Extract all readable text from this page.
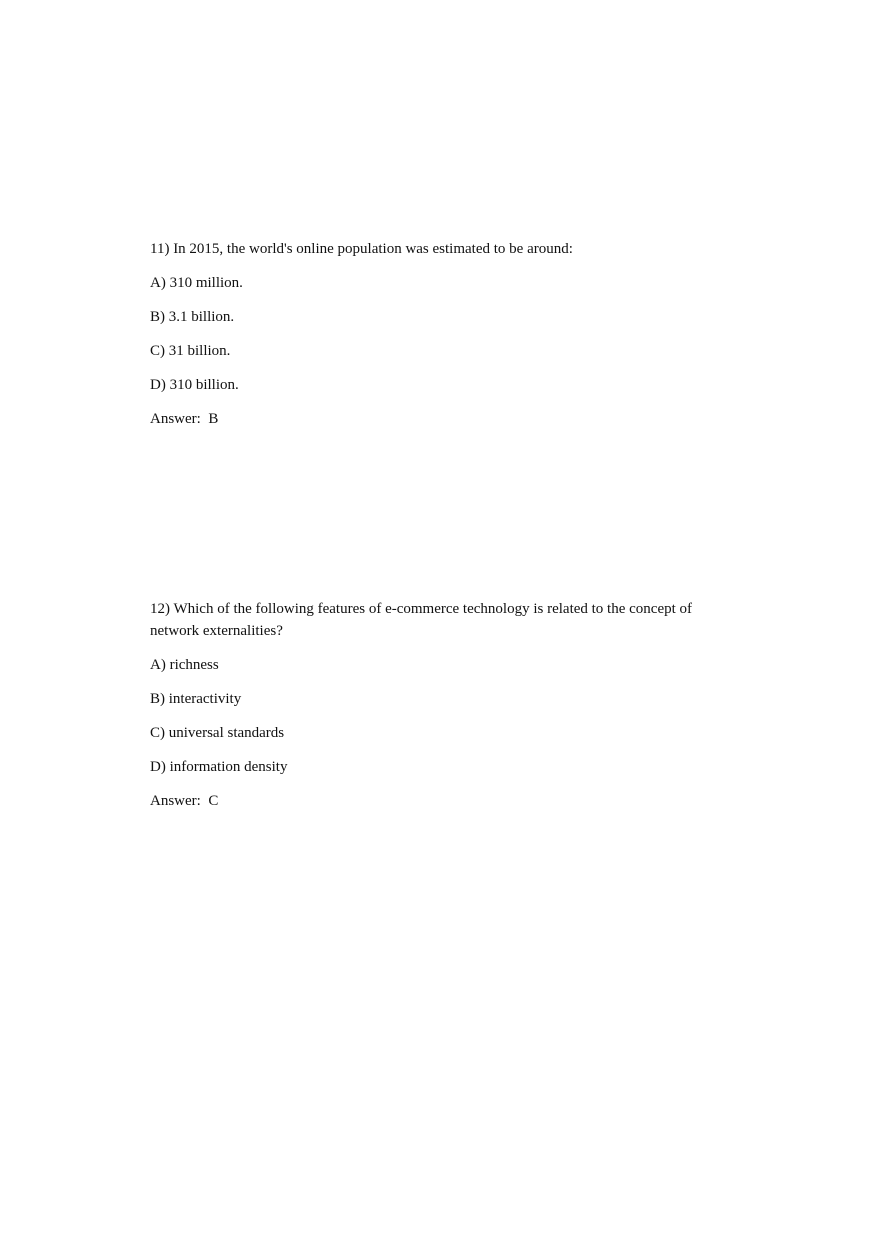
11) In 2015, the world's online population was estimated to be around:

A) 310 million.
B) 3.1 billion.
C) 31 billion.
D) 310 billion.

Answer:  B

12) Which of the following features of e-commerce technology is related to the concept of network externalities?

A) richness
B) interactivity
C) universal standards
D) information density

Answer:  C
